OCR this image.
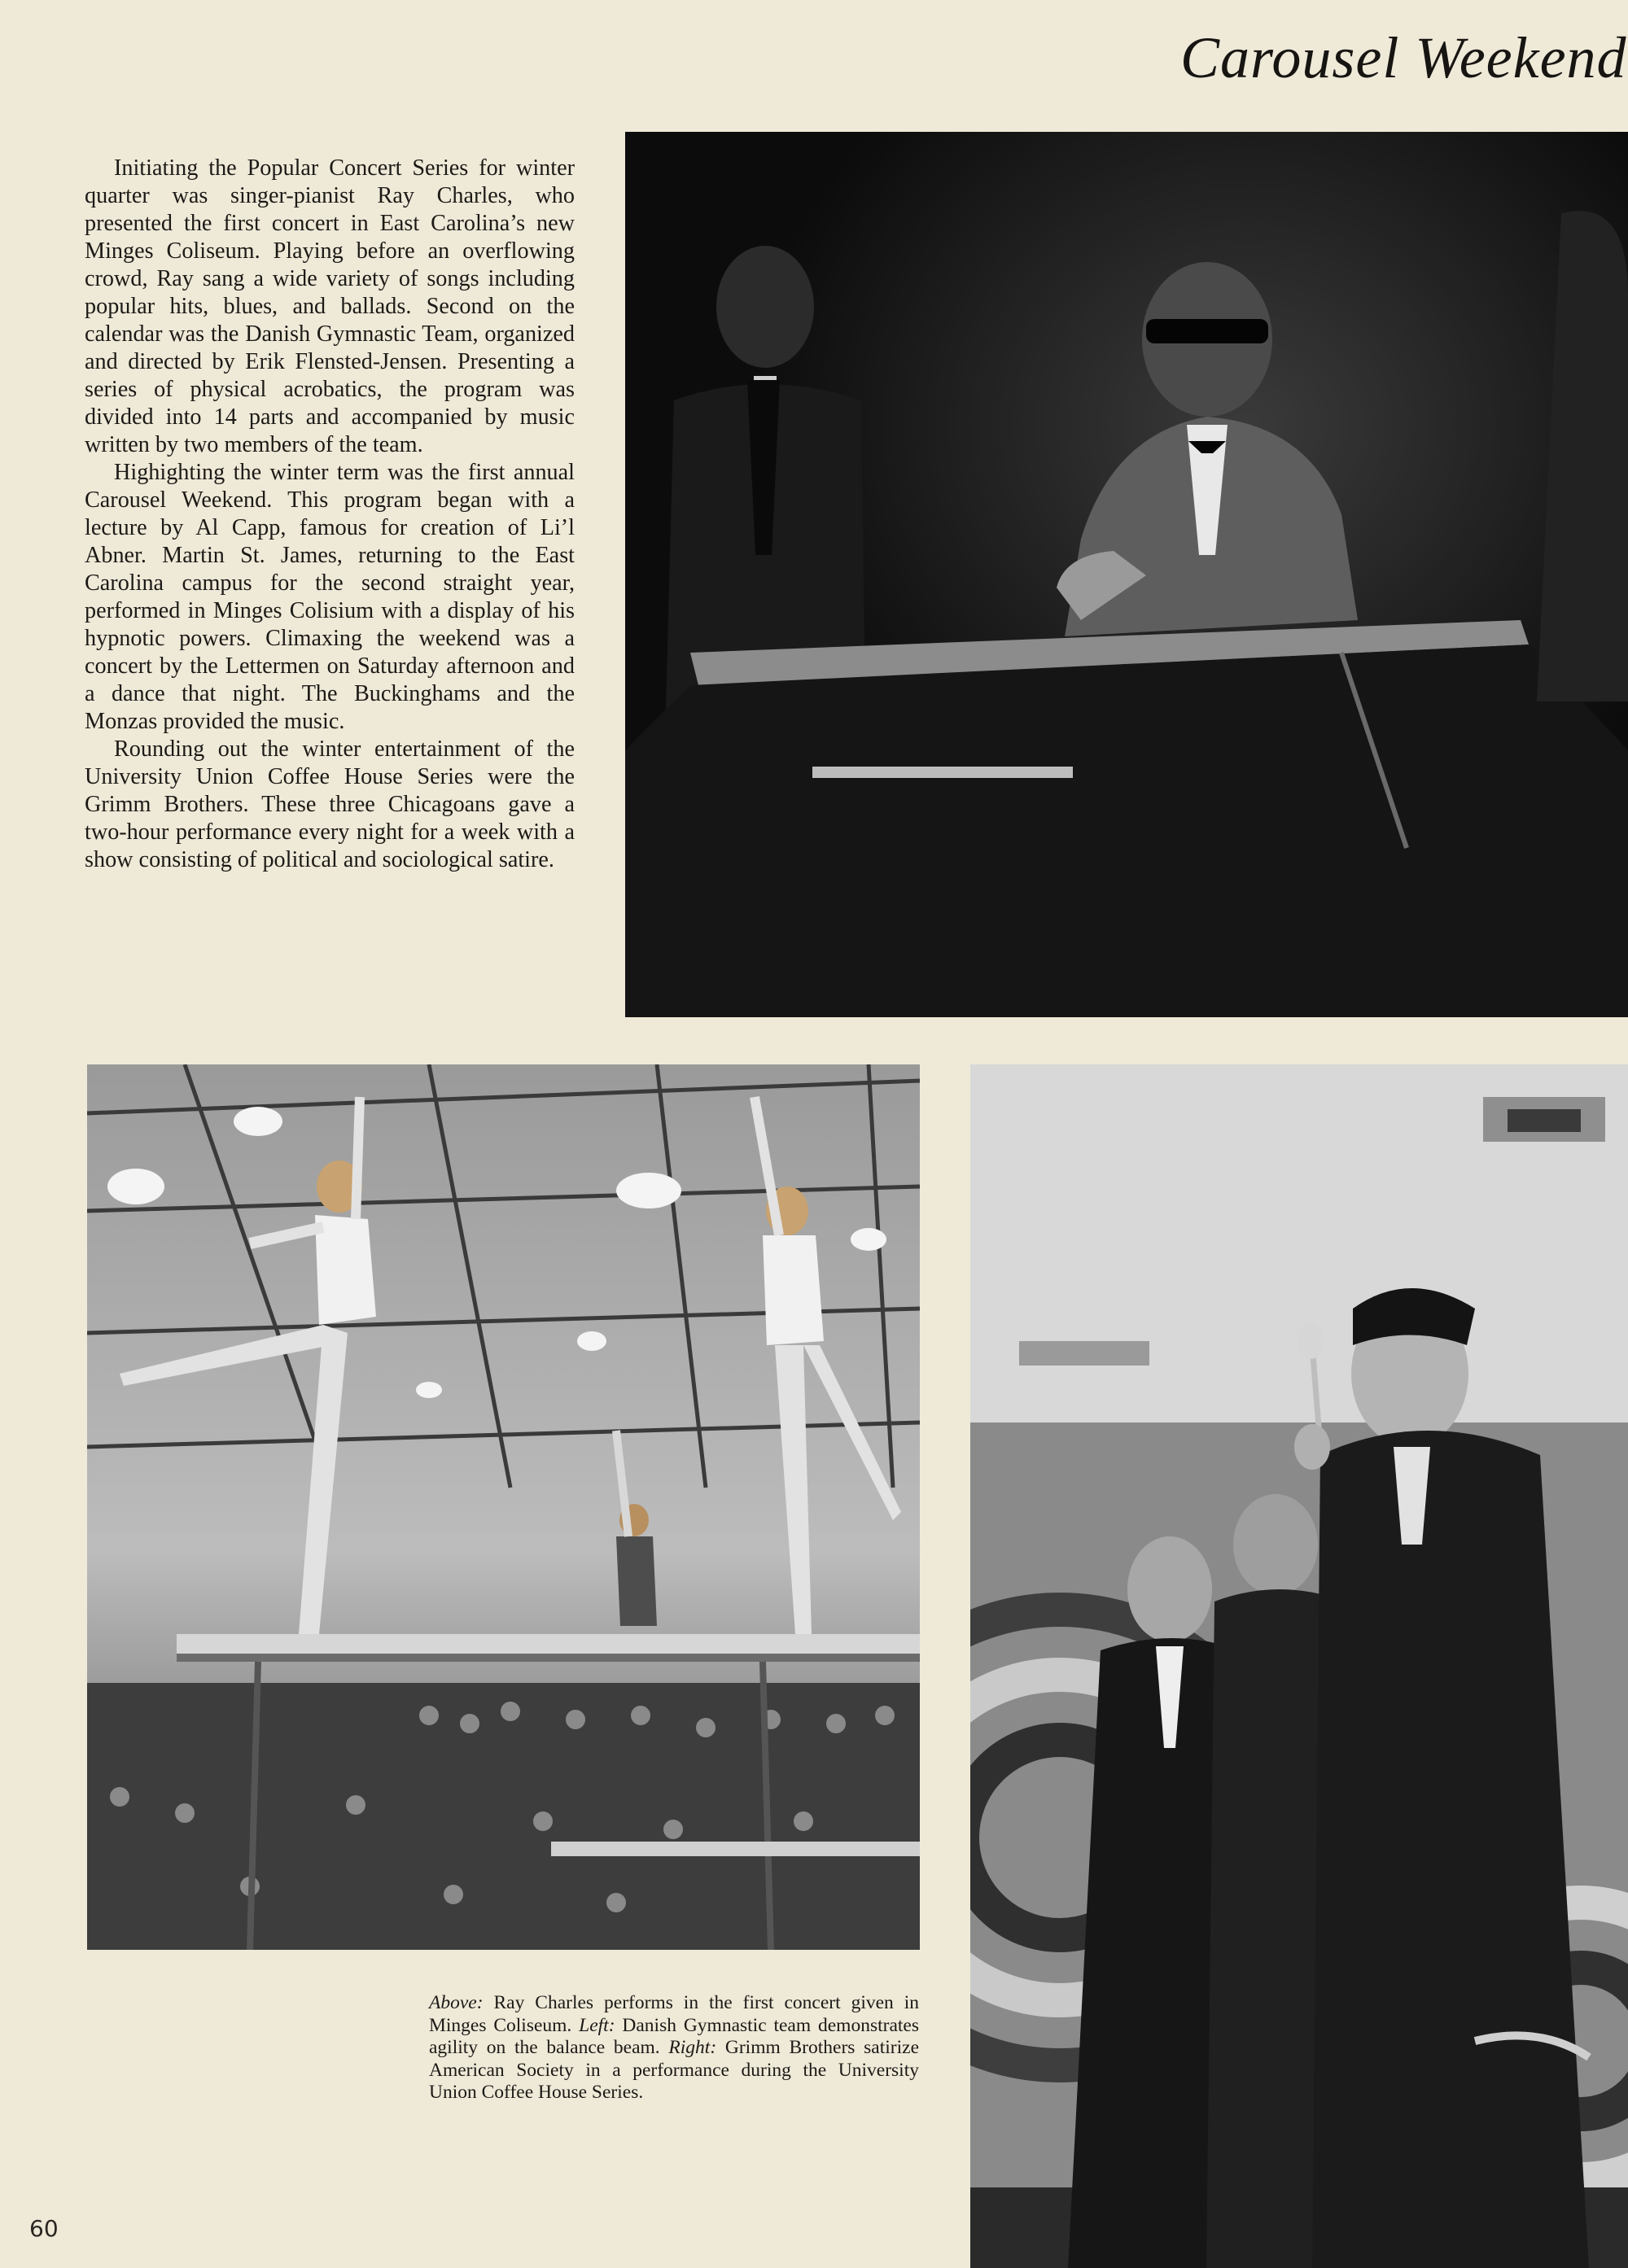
Carousel Weekend

Initiating the Popular Concert Series for winter quarter was singer-pianist Ray Charles, who presented the first concert in East Carolina’s new Minges Coliseum. Playing before an overflowing crowd, Ray sang a wide variety of songs including popular hits, blues, and ballads. Second on the calendar was the Danish Gymnastic Team, organized and directed by Erik Flensted-Jensen. Presenting a series of physical acrobatics, the program was divided into 14 parts and accompanied by music written by two members of the team.

Highighting the winter term was the first annual Carousel Weekend. This program began with a lecture by Al Capp, famous for creation of Li’l Abner. Martin St. James, returning to the East Carolina campus for the second straight year, performed in Minges Colisium with a display of his hypnotic powers. Climaxing the weekend was a concert by the Lettermen on Saturday afternoon and a dance that night. The Buckinghams and the Monzas provided the music.

Rounding out the winter entertainment of the University Union Coffee House Series were the Grimm Brothers. These three Chicagoans gave a two-hour performance every night for a week with a show consisting of political and sociological satire.

Above: Ray Charles performs in the first concert given in Minges Coliseum. Left: Danish Gymnastic team demonstrates agility on the balance beam. Right: Grimm Brothers satirize American Society in a performance during the University Union Coffee House Series.
60
